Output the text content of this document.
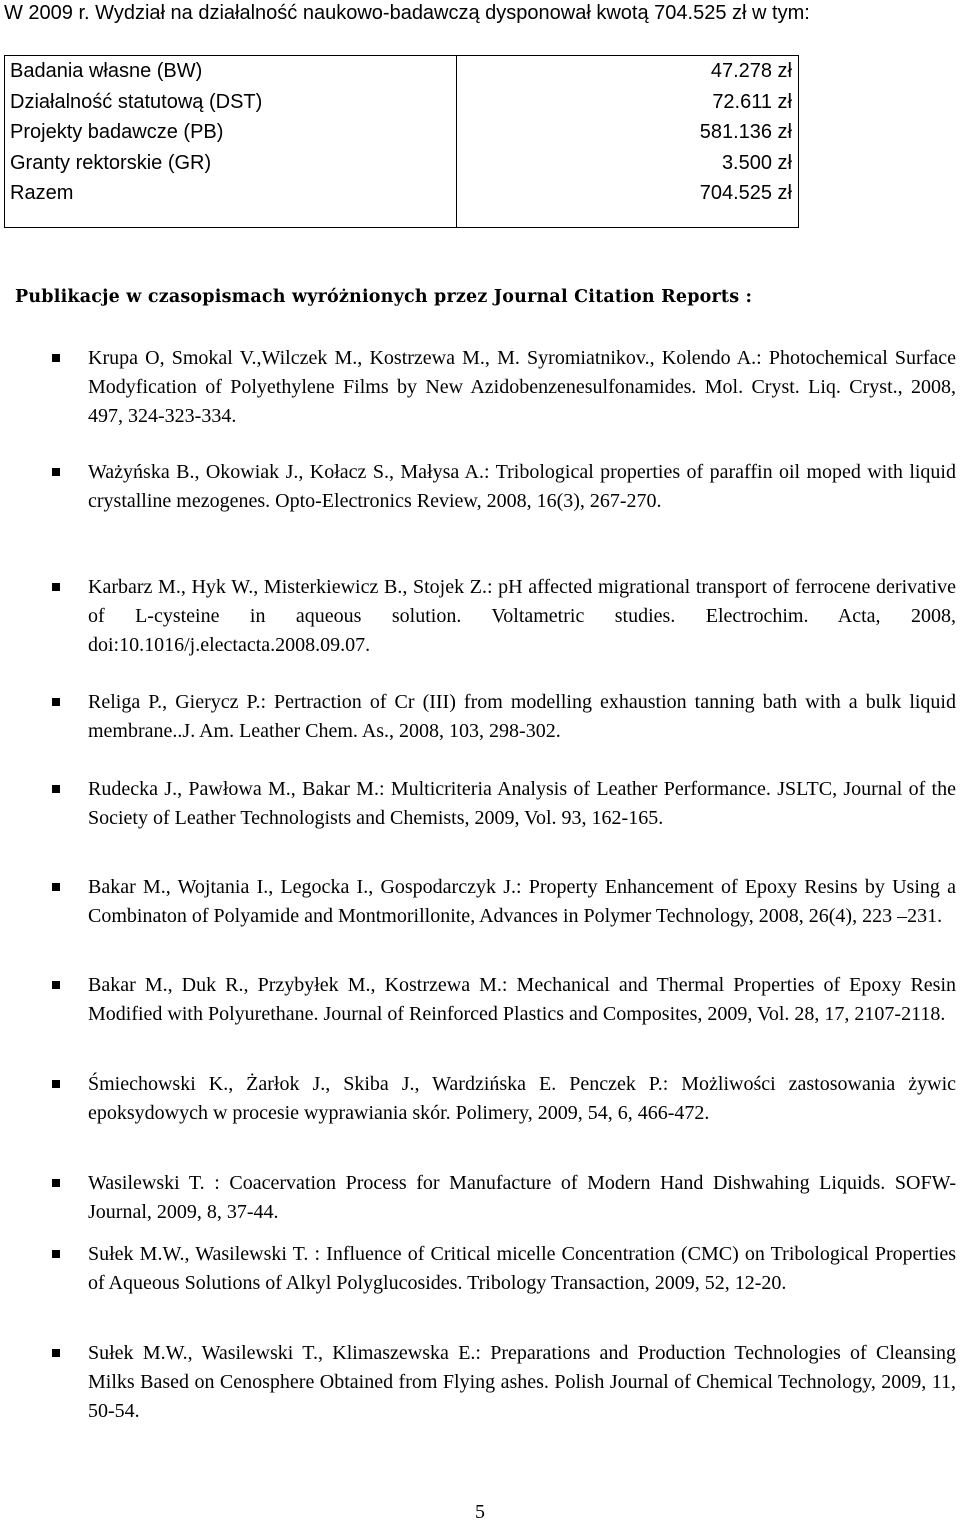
W 2009 r. Wydział na działalność naukowo-badawczą dysponował kwotą 704.525 zł w tym:
Badania własne (BW)
Działalność statutową (DST)
Projekty badawcze (PB)
Granty rektorskie (GR)
Razem
47.278 zł
72.611 zł
581.136 zł
3.500 zł
704.525 zł
Publikacje w czasopismach wyróżnionych przez Journal Citation Reports :
Krupa O, Smokal V.,Wilczek M., Kostrzewa M., M. Syromiatnikov., Kolendo A.: Photochemical Surface Modyfication of Polyethylene Films by New Azidobenzenesulfonamides. Mol. Cryst. Liq. Cryst., 2008, 497, 324-323-334.
Ważyńska B., Okowiak J., Kołacz S., Małysa A.: Tribological properties of paraffin oil moped with liquid crystalline mezogenes. Opto-Electronics Review, 2008, 16(3), 267-270.
Karbarz M., Hyk W., Misterkiewicz B., Stojek Z.: pH affected migrational transport of ferrocene derivative of L-cysteine in aqueous solution. Voltametric studies. Electrochim. Acta, 2008, doi:10.1016/j.electacta.2008.09.07.
Religa P., Gierycz P.: Pertraction of Cr (III) from modelling exhaustion tanning bath with a bulk liquid membrane..J. Am. Leather Chem. As., 2008, 103, 298-302.
Rudecka J., Pawłowa M., Bakar M.: Multicriteria Analysis of Leather Performance. JSLTC, Journal of the Society of Leather Technologists and Chemists, 2009, Vol. 93, 162-165.
Bakar M., Wojtania I., Legocka I., Gospodarczyk J.: Property Enhancement of Epoxy Resins by Using a Combinaton of Polyamide and Montmorillonite, Advances in Polymer Technology, 2008, 26(4), 223 –231.
Bakar M., Duk R., Przybyłek M., Kostrzewa M.: Mechanical and Thermal Properties of Epoxy Resin Modified with Polyurethane. Journal of Reinforced Plastics and Composites, 2009, Vol. 28, 17, 2107-2118.
Śmiechowski K., Żarłok J., Skiba J., Wardzińska E. Penczek P.: Możliwości zastosowania żywic epoksydowych w procesie wyprawiania skór. Polimery, 2009, 54, 6, 466-472.
Wasilewski T. : Coacervation Process for Manufacture of Modern Hand Dishwahing Liquids. SOFW-Journal, 2009, 8, 37-44.
Sułek M.W., Wasilewski T. : Influence of Critical micelle Concentration (CMC) on Tribological Properties of Aqueous Solutions of Alkyl Polyglucosides. Tribology Transaction, 2009, 52, 12-20.
Sułek M.W., Wasilewski T., Klimaszewska E.: Preparations and Production Technologies of Cleansing Milks Based on Cenosphere Obtained from Flying ashes. Polish Journal of Chemical Technology, 2009, 11, 50-54.
5
